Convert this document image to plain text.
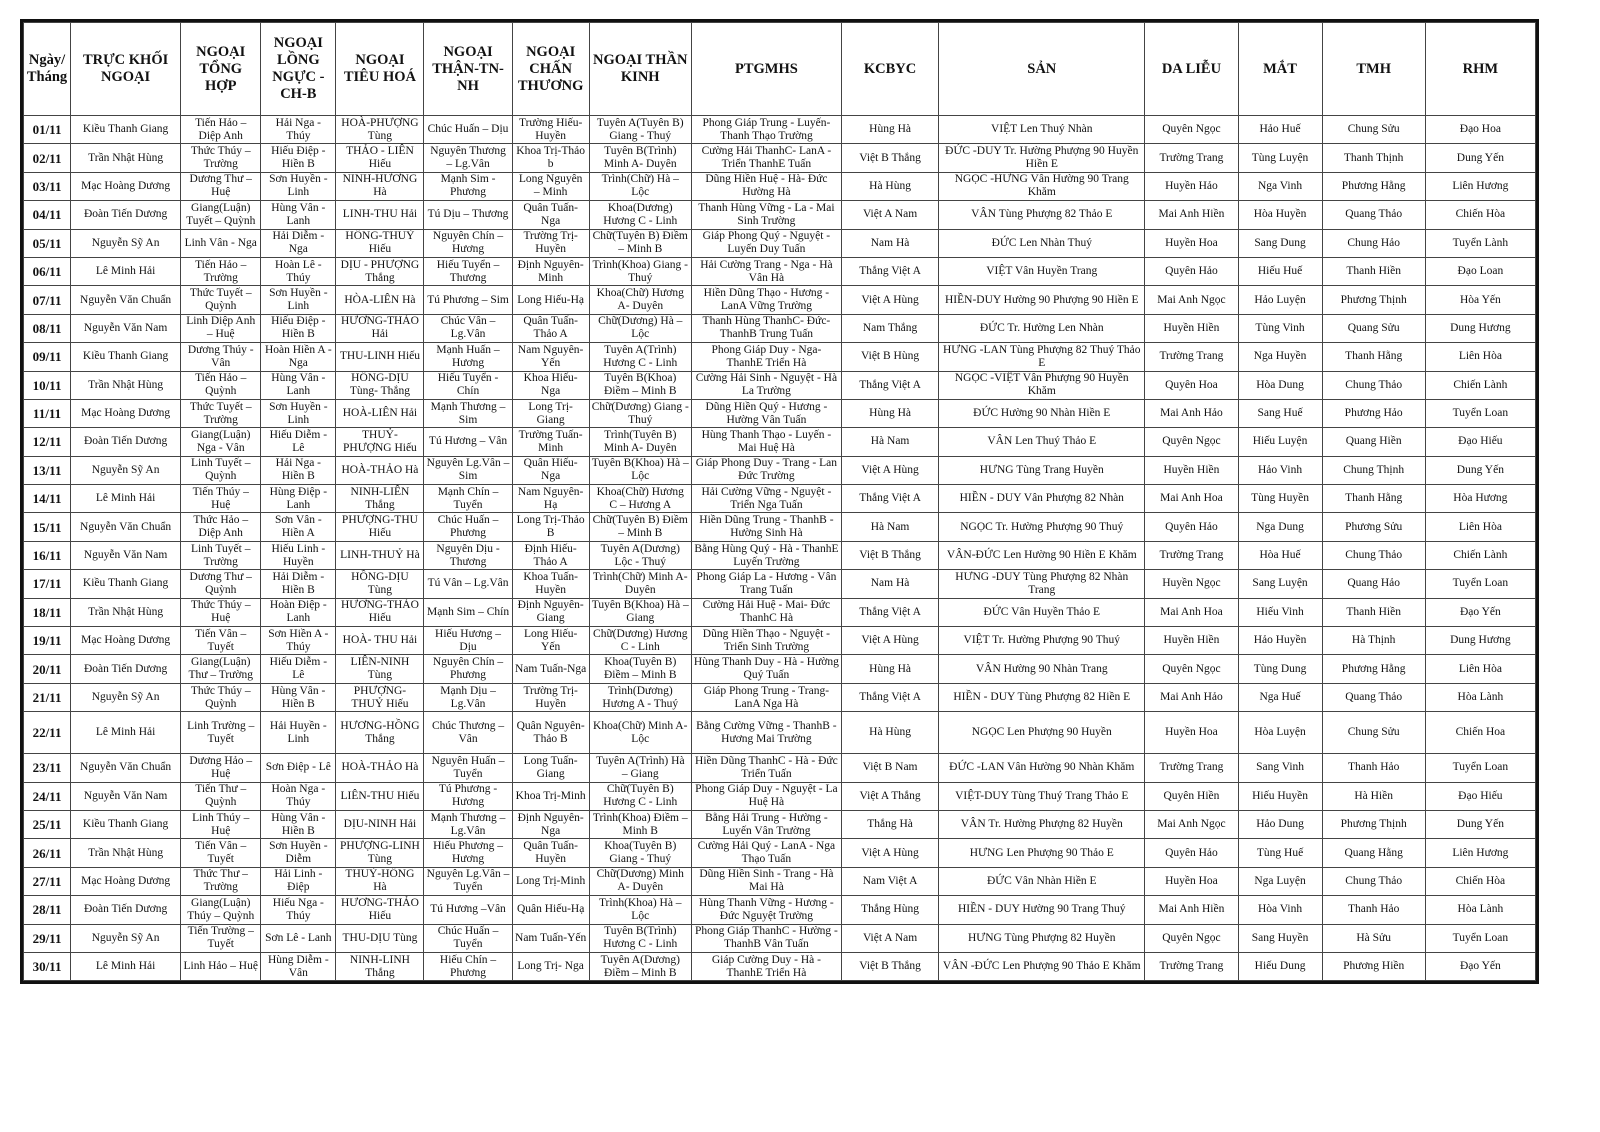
Ngày/ Tháng	TRỰC KHỐI NGOẠI	NGOẠI TỔNG HỢP	NGOẠI LỒNG NGỰC -CH-B	NGOẠI TIÊU HOÁ	NGOẠI THẬN-TN-NH	NGOẠI CHẤN THƯƠNG	NGOẠI THẦN KINH	PTGMHS	KCBYC	SẢN	DA LIỄU	MẮT	TMH	RHM
01/11	Kiều Thanh Giang	Tiến Hảo – Diệp Anh	Hải Nga - Thúy	HOÀ-PHƯỢNG Tùng	Chúc Huấn – Dịu	Trường Hiếu-Huyền	Tuyên A(Tuyên B) Giang - Thuý	Phong Giáp Trung - Luyến-Thanh Thạo Trường	Hùng Hà	VIỆT Len Thuý Nhàn	Quyên Ngọc	Hảo Huế	Chung Sửu	Đạo Hoa
02/11	Trần Nhật Hùng	Thức Thúy – Trường	Hiếu Điệp - Hiền B	THẢO - LIÊN Hiếu	Nguyên Thương – Lg.Vân	Khoa Trị-Thảo b	Tuyên B(Trình) Minh A- Duyên	Cường Hải ThanhC- LanA - Triển ThanhE Tuấn	Việt B Thắng	ĐỨC -DUY Tr. Hường Phượng 90 Huyền Hiền E	Trường Trang	Tùng Luyện	Thanh Thịnh	Dung Yến
03/11	Mạc Hoàng Dương	Dương Thư – Huệ	Sơn Huyền - Linh	NINH-HƯƠNG Hà	Mạnh Sim - Phương	Long Nguyên – Minh	Trình(Chữ) Hà – Lộc	Dũng Hiền Huệ - Hà- Đức Hường Hà	Hà Hùng	NGỌC -HƯNG Vân Hường 90 Trang Khăm	Huyền Hảo	Nga Vinh	Phương Hằng	Liên Hương
04/11	Đoàn Tiến Dương	Giang(Luận) Tuyết – Quỳnh	Hùng Vân - Lanh	LINH-THU Hải	Tú Dịu – Thương	Quân Tuấn-Nga	Khoa(Dương) Hương C - Linh	Thanh Hùng Vững - La - Mai Sinh Trường	Việt A Nam	VÂN Tùng Phượng 82 Thảo E	Mai Anh Hiền	Hòa Huyền	Quang Thảo	Chiến Hòa
05/11	Nguyễn Sỹ An	Linh Vân - Nga	Hải Diễm - Nga	HỒNG-THUỶ Hiếu	Nguyên Chín – Hương	Trường Trị-Huyền	Chữ(Tuyên B) Điềm – Minh B	Giáp Phong Quý - Nguyệt - Luyến Duy Tuấn	Nam Hà	ĐỨC Len Nhàn Thuý	Huyền Hoa	Sang Dung	Chung Hảo	Tuyển Lành
06/11	Lê Minh Hải	Tiến Hảo – Trường	Hoàn Lê - Thúy	DỊU - PHƯỢNG Thắng	Hiếu Tuyển – Thương	Định Nguyên-Minh	Trình(Khoa) Giang - Thuý	Hải Cường Trang - Nga - Hà Vân Hà	Thắng Việt A	VIỆT Vân Huyền Trang	Quyên Hảo	Hiếu Huế	Thanh Hiền	Đạo Loan
07/11	Nguyễn Văn Chuẩn	Thức Tuyết – Quỳnh	Sơn Huyền - Linh	HÒA-LIÊN Hà	Tú Phương – Sim	Long Hiếu-Hạ	Khoa(Chữ) Hương A- Duyên	Hiền Dũng Thạo - Hương - LanA Vững Trường	Việt A Hùng	HIỀN-DUY Hường 90 Phượng 90 Hiền E	Mai Anh Ngọc	Hảo Luyện	Phương Thịnh	Hòa Yến
08/11	Nguyễn Văn Nam	Linh Diệp Anh – Huệ	Hiếu Điệp - Hiền B	HƯƠNG-THẢO Hải	Chúc Vân – Lg.Vân	Quân Tuấn-Thảo A	Chữ(Dương) Hà – Lộc	Thanh Hùng ThanhC- Đức-ThanhB Trung Tuấn	Nam Thắng	ĐỨC Tr. Hường Len Nhàn	Huyền Hiền	Tùng Vinh	Quang Sửu	Dung Hương
09/11	Kiều Thanh Giang	Dương Thúy - Vân	Hoàn Hiền A - Nga	THU-LINH Hiếu	Mạnh Huấn – Hương	Nam Nguyên-Yến	Tuyên A(Trình) Hương C - Linh	Phong Giáp Duy - Nga-ThanhE Triển Hà	Việt B Hùng	HƯNG -LAN Tùng Phượng 82 Thuý Thảo E	Trường Trang	Nga Huyền	Thanh Hằng	Liên Hòa
10/11	Trần Nhật Hùng	Tiến Hảo – Quỳnh	Hùng Vân - Lanh	HỒNG-DỊU Tùng- Thắng	Hiếu Tuyển - Chín	Khoa Hiếu-Nga	Tuyên B(Khoa) Điềm – Minh B	Cường Hải Sinh - Nguyệt - Hà La Trường	Thắng Việt A	NGỌC -VIỆT Vân Phượng 90 Huyền Khăm	Quyên Hoa	Hòa Dung	Chung Thảo	Chiến Lành
11/11	Mạc Hoàng Dương	Thức Tuyết – Trường	Sơn Huyền - Linh	HOÀ-LIÊN Hải	Mạnh Thương – Sim	Long Trị-Giang	Chữ(Dương) Giang - Thuý	Dũng Hiền Quý - Hương - Hường Vân Tuấn	Hùng Hà	ĐỨC Hường 90 Nhàn Hiền E	Mai Anh Hảo	Sang Huế	Phương Hảo	Tuyển Loan
12/11	Đoàn Tiến Dương	Giang(Luận) Nga - Vân	Hiếu Diễm - Lê	THUỶ-PHƯỢNG Hiếu	Tú Hương – Vân	Trường Tuấn-Minh	Trình(Tuyên B) Minh A- Duyên	Hùng Thanh Thạo - Luyến - Mai Huệ Hà	Hà Nam	VÂN Len Thuý Thảo E	Quyên Ngọc	Hiếu Luyện	Quang Hiền	Đạo Hiếu
13/11	Nguyễn Sỹ An	Linh Tuyết – Quỳnh	Hải Nga - Hiền B	HOÀ-THẢO Hà	Nguyên Lg.Vân – Sim	Quân Hiếu-Nga	Tuyên B(Khoa) Hà – Lộc	Giáp Phong Duy - Trang - Lan Đức Trường	Việt A Hùng	HƯNG Tùng Trang Huyền	Huyền Hiền	Hảo Vinh	Chung Thịnh	Dung Yến
14/11	Lê Minh Hải	Tiến Thúy – Huệ	Hùng Điệp - Lanh	NINH-LIÊN Thắng	Mạnh Chín – Tuyển	Nam Nguyên-Hạ	Khoa(Chữ) Hương C – Hương A	Hải Cường Vững - Nguyệt - Triển Nga Tuấn	Thắng Việt A	HIỀN - DUY Vân Phượng 82 Nhàn	Mai Anh Hoa	Tùng Huyền	Thanh Hằng	Hòa Hương
15/11	Nguyễn Văn Chuẩn	Thức Hảo – Diệp Anh	Sơn Vân - Hiền A	PHƯỢNG-THU Hiếu	Chúc Huấn – Phương	Long Trị-Thảo B	Chữ(Tuyên B) Điềm – Minh B	Hiền Dũng Trung - ThanhB - Hường Sinh Hà	Hà Nam	NGỌC Tr. Hường Phượng 90 Thuý	Quyên Hảo	Nga Dung	Phương Sửu	Liên Hòa
16/11	Nguyễn Văn Nam	Linh Tuyết – Trường	Hiếu Linh - Huyền	LINH-THUỶ Hà	Nguyên Dịu - Thương	Định Hiếu-Thảo A	Tuyên A(Dương) Lộc - Thuý	Bằng Hùng Quý - Hà - ThanhE Luyến Trường	Việt B Thắng	VÂN-ĐỨC Len Hường 90 Hiền E Khăm	Trường Trang	Hòa Huế	Chung Thảo	Chiến Lành
17/11	Kiều Thanh Giang	Dương Thư – Quỳnh	Hải Diễm - Hiền B	HỒNG-DỊU Tùng	Tú Vân – Lg.Vân	Khoa Tuấn-Huyền	Trình(Chữ) Minh A- Duyên	Phong Giáp La - Hương - Vân Trang Tuấn	Nam Hà	HƯNG -DUY Tùng Phượng 82 Nhàn Trang	Huyền Ngọc	Sang Luyện	Quang Hảo	Tuyển Loan
18/11	Trần Nhật Hùng	Thức Thúy – Huệ	Hoàn Điệp - Lanh	HƯƠNG-THẢO Hiếu	Mạnh Sim – Chín	Định Nguyên-Giang	Tuyên B(Khoa) Hà – Giang	Cường Hải Huệ - Mai- Đức ThanhC Hà	Thắng Việt A	ĐỨC Vân Huyền Thảo E	Mai Anh Hoa	Hiếu Vinh	Thanh Hiền	Đạo Yến
19/11	Mạc Hoàng Dương	Tiến Vân – Tuyết	Sơn Hiền A - Thúy	HOÀ- THU Hải	Hiếu Hương – Dịu	Long Hiếu-Yến	Chữ(Dương) Hương C - Linh	Dũng Hiền Thạo - Nguyệt - Triển Sinh Trường	Việt A Hùng	VIỆT Tr. Hường Phượng 90 Thuý	Huyền Hiền	Hảo Huyền	Hà Thịnh	Dung Hương
20/11	Đoàn Tiến Dương	Giang(Luận) Thư – Trường	Hiếu Diễm - Lê	LIÊN-NINH Tùng	Nguyên Chín – Phương	Nam Tuấn-Nga	Khoa(Tuyên B) Điềm – Minh B	Hùng Thanh Duy - Hà - Hường Quý Tuấn	Hùng Hà	VÂN Hường 90 Nhàn Trang	Quyên Ngọc	Tùng Dung	Phương Hằng	Liên Hòa
21/11	Nguyễn Sỹ An	Thức Thúy – Quỳnh	Hùng Vân - Hiền B	PHƯỢNG-THUỶ Hiếu	Mạnh Dịu – Lg.Vân	Trường Trị-Huyền	Trình(Dương) Hương A - Thuý	Giáp Phong Trung - Trang-LanA Nga Hà	Thắng Việt A	HIỀN - DUY Tùng Phượng 82 Hiền E	Mai Anh Hảo	Nga Huế	Quang Thảo	Hòa Lành
22/11	Lê Minh Hải	Linh Trường – Tuyết	Hải Huyền - Linh	HƯƠNG-HỒNG Thắng	Chúc Thương – Vân	Quân Nguyên- Thảo B	Khoa(Chữ) Minh A- Lộc	Bằng Cường Vững - ThanhB - Hương Mai Trường	Hà Hùng	NGỌC Len Phượng 90 Huyền	Huyền Hoa	Hòa Luyện	Chung Sửu	Chiến Hoa
23/11	Nguyễn Văn Chuẩn	Dương Hảo – Huệ	Sơn Điệp - Lê	HOÀ-THẢO Hà	Nguyên Huấn – Tuyển	Long Tuấn-Giang	Tuyên A(Trình) Hà – Giang	Hiền Dũng ThanhC - Hà - Đức Triển Tuấn	Việt B Nam	ĐỨC -LAN Vân Hường 90 Nhàn Khăm	Trường Trang	Sang Vinh	Thanh Hảo	Tuyển Loan
24/11	Nguyễn Văn Nam	Tiến Thư – Quỳnh	Hoàn Nga - Thúy	LIÊN-THU Hiếu	Tú Phương - Hương	Khoa Trị-Minh	Chữ(Tuyên B) Hương C - Linh	Phong Giáp Duy - Nguyệt - La Huệ Hà	Việt A Thắng	VIỆT-DUY Tùng Thuý Trang Thảo E	Quyên Hiền	Hiếu Huyền	Hà Hiền	Đạo Hiếu
25/11	Kiều Thanh Giang	Linh Thúy – Huệ	Hùng Vân - Hiền B	DỊU-NINH Hải	Mạnh Thương – Lg.Vân	Định Nguyên-Nga	Trình(Khoa) Điềm – Minh B	Bằng Hải Trung - Hường - Luyến Vân Trường	Thắng Hà	VÂN Tr. Hường Phượng 82 Huyền	Mai Anh Ngọc	Hảo Dung	Phương Thịnh	Dung Yến
26/11	Trần Nhật Hùng	Tiến Vân – Tuyết	Sơn Huyền - Diễm	PHƯỢNG-LINH Tùng	Hiếu Phương – Hương	Quân Tuấn-Huyền	Khoa(Tuyên B) Giang - Thuý	Cường Hải Quý - LanA - Nga Thạo Tuấn	Việt A Hùng	HƯNG Len Phượng 90 Thảo E	Quyên Hảo	Tùng Huế	Quang Hằng	Liên Hương
27/11	Mạc Hoàng Dương	Thức Thư – Trường	Hải Linh - Điệp	THUỶ-HỒNG Hà	Nguyên Lg.Vân – Tuyển	Long Trị-Minh	Chữ(Dương) Minh A- Duyên	Dũng Hiền Sinh - Trang - Hà Mai Hà	Nam Việt A	ĐỨC Vân Nhàn Hiền E	Huyền Hoa	Nga Luyện	Chung Thảo	Chiến Hòa
28/11	Đoàn Tiến Dương	Giang(Luận) Thúy – Quỳnh	Hiếu Nga - Thúy	HƯƠNG-THẢO Hiếu	Tú Hương –Vân	Quân Hiếu-Hạ	Trình(Khoa) Hà – Lộc	Hùng Thanh Vững - Hương - Đức Nguyệt Trường	Thắng Hùng	HIỀN - DUY Hường 90 Trang Thuý	Mai Anh Hiền	Hòa Vinh	Thanh Hảo	Hòa Lành
29/11	Nguyễn Sỹ An	Tiến Trường – Tuyết	Sơn Lê - Lanh	THU-DỊU Tùng	Chúc Huấn – Tuyển	Nam Tuấn-Yến	Tuyên B(Trình) Hương C - Linh	Phong Giáp ThanhC - Hường - ThanhB Vân Tuấn	Việt A Nam	HƯNG Tùng Phượng 82 Huyền	Quyên Ngọc	Sang Huyền	Hà Sửu	Tuyển Loan
30/11	Lê Minh Hải	Linh Hảo – Huệ	Hùng Diễm - Vân	NINH-LINH Thắng	Hiếu Chín – Phương	Long Trị- Nga	Tuyên A(Dương) Điềm – Minh B	Giáp Cường Duy - Hà - ThanhE Triển Hà	Việt B Thắng	VÂN -ĐỨC Len Phượng 90 Thảo E Khăm	Trường Trang	Hiếu Dung	Phương Hiền	Đạo Yến
